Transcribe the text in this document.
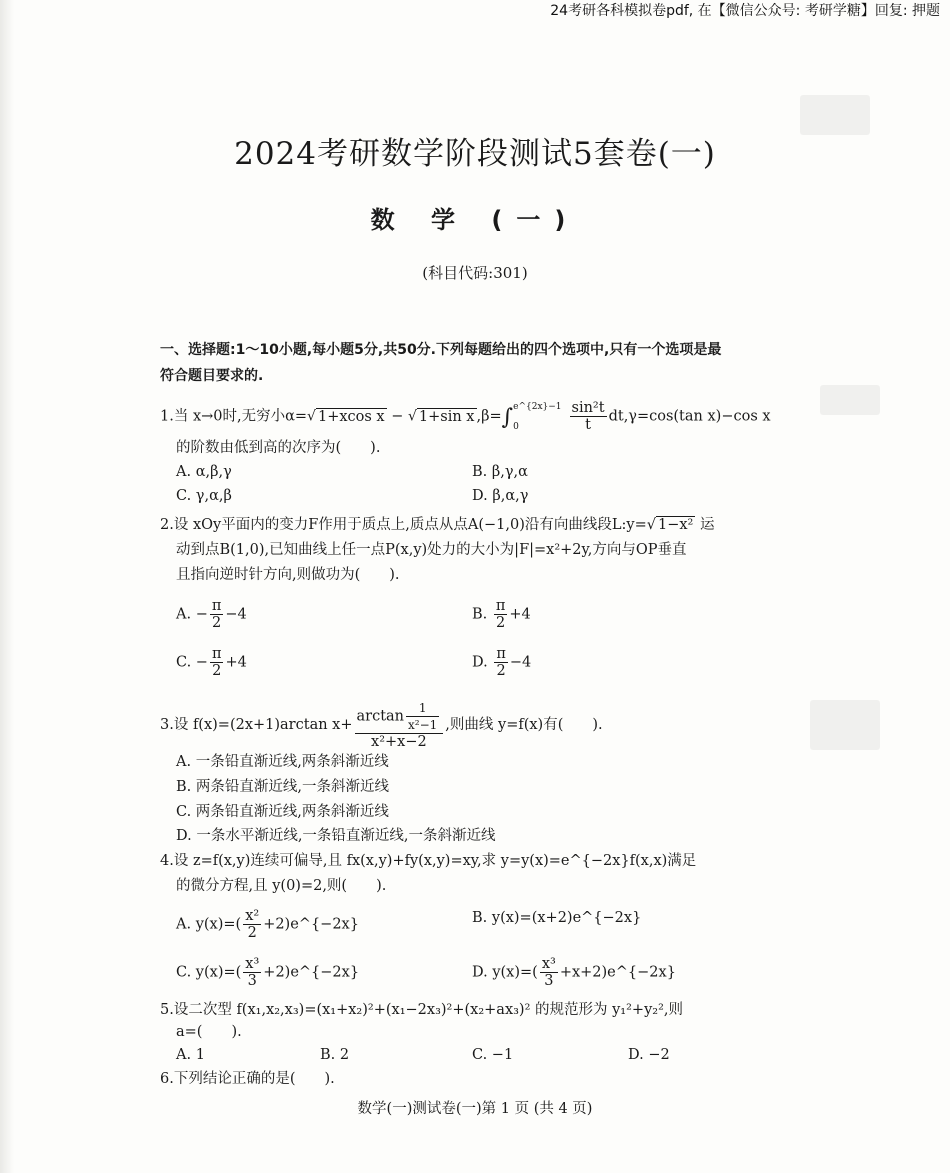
24考研各科模拟卷pdf, 在【微信公众号: 考研学糖】回复: 押题
2024考研数学阶段测试5套卷(一)
数 学 (一)
(科目代码:301)
一、选择题:1～10小题,每小题5分,共50分.下列每题给出的四个选项中,只有一个选项是最
符合题目要求的.
1.当 x→0时,无穷小α=√ 1+xcos x − √ 1+sin x ,β=∫ e^{2x}−1
0	$\frac{\text{sin²t}}{t} dt,\gamma=\cos(\tan$ x)−cos x
的阶数由低到高的次序为(　　).
A. α,β,γ	B. β,γ,α
C. γ,α,β	D. β,α,γ
2.设 xOy平面内的变力F作用于质点上,质点从点A(−1,0)沿有向曲线段L:y=√ 1−x² 运
动到点B(1,0),已知曲线上任一点P(x,y)处力的大小为|F|=x²+2y,方向与OP垂直
且指向逆时针方向,则做功为(　　).
A. − $\frac{\pi}{2} -4$	B. $\frac{\pi}{2} +4$
C. − $\frac{\pi}{2} +4$	D. $\frac{\pi}{2} -4$
3.设 f(x)=(2x+1)arctan $x+ \frac{\arctan \frac{1}{\text{x²−1}}}{\text{x²+x−2}}$ ,则曲线 y=f(x)有(　　).
A. 一条铅直渐近线,两条斜渐近线
B. 两条铅直渐近线,一条斜渐近线
C. 两条铅直渐近线,两条斜渐近线
D. 一条水平渐近线,一条铅直渐近线,一条斜渐近线
4.设 z=f(x,y)连续可偏导,且 fx(x,y)+fy(x,y)=xy,求 y=y(x)=e^{−2x}f(x,x)满足
的微分方程,且 y(0)=2,则(　　).
A. $y(x)=( \frac{\text{x²}}{2}$ +2)e^{−2x}	B. y(x)=(x+2)e^{−2x}
C. $y(x)=( \frac{\text{x³}}{3}$ +2)e^{−2x}	D. $y(x)=( \frac{\text{x³}}{3}$ +x+2)e^{−2x}
5.设二次型 f(x₁,x₂,x₃)=(x₁+x₂)²+(x₁−2x₃)²+(x₂+ax₃)² 的规范形为 y₁²+y₂²,则
a=(　　).
A. 1	B. 2	C. −1	D. −2
6.下列结论正确的是(　　).
数学(一)测试卷(一)第 1 页 (共 4 页)
